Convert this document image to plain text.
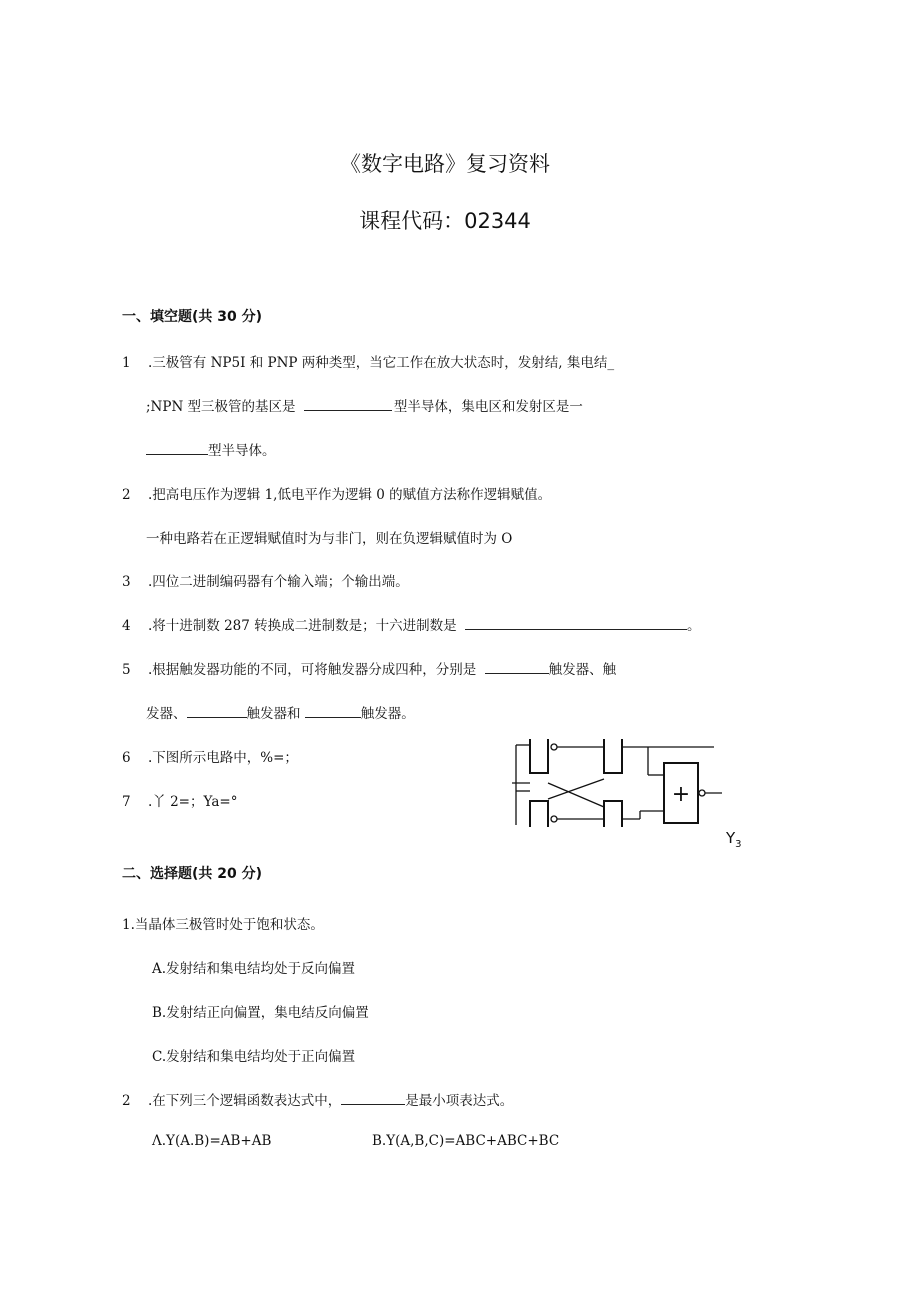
《数字电路》复习资料
课程代码：02344
一、填空题(共 30 分)
1 .三极管有 NP5I 和 PNP 两种类型，当它工作在放大状态时，发射结, 集电结_
;NPN 型三极管的基区是	型半导体，集电区和发射区是一
型半导体。
2 .把高电压作为逻辑 1,低电平作为逻辑 0 的赋值方法称作逻辑赋值。
一种电路若在正逻辑赋值时为与非门，则在负逻辑赋值时为 O
3 .四位二进制编码器有个输入端；个输出端。
4 .将十进制数 287 转换成二进制数是；十六进制数是	。
5 .根据触发器功能的不同，可将触发器分成四种，分别是	触发器、触
发器、	触发器和	触发器。
6 .下图所示电路中，%=；
7 .丫 2=；Ya=°	+
$Y_3$
二、选择题(共 20 分)
1.当晶体三极管时处于饱和状态。
A.发射结和集电结均处于反向偏置
B.发射结正向偏置，集电结反向偏置
C.发射结和集电结均处于正向偏置
2 .在下列三个逻辑函数表达式中，	是最小项表达式。
Λ.Y(A.B)=AB+AB	B.Y(A,B,C)=ABC+ABC+BC
